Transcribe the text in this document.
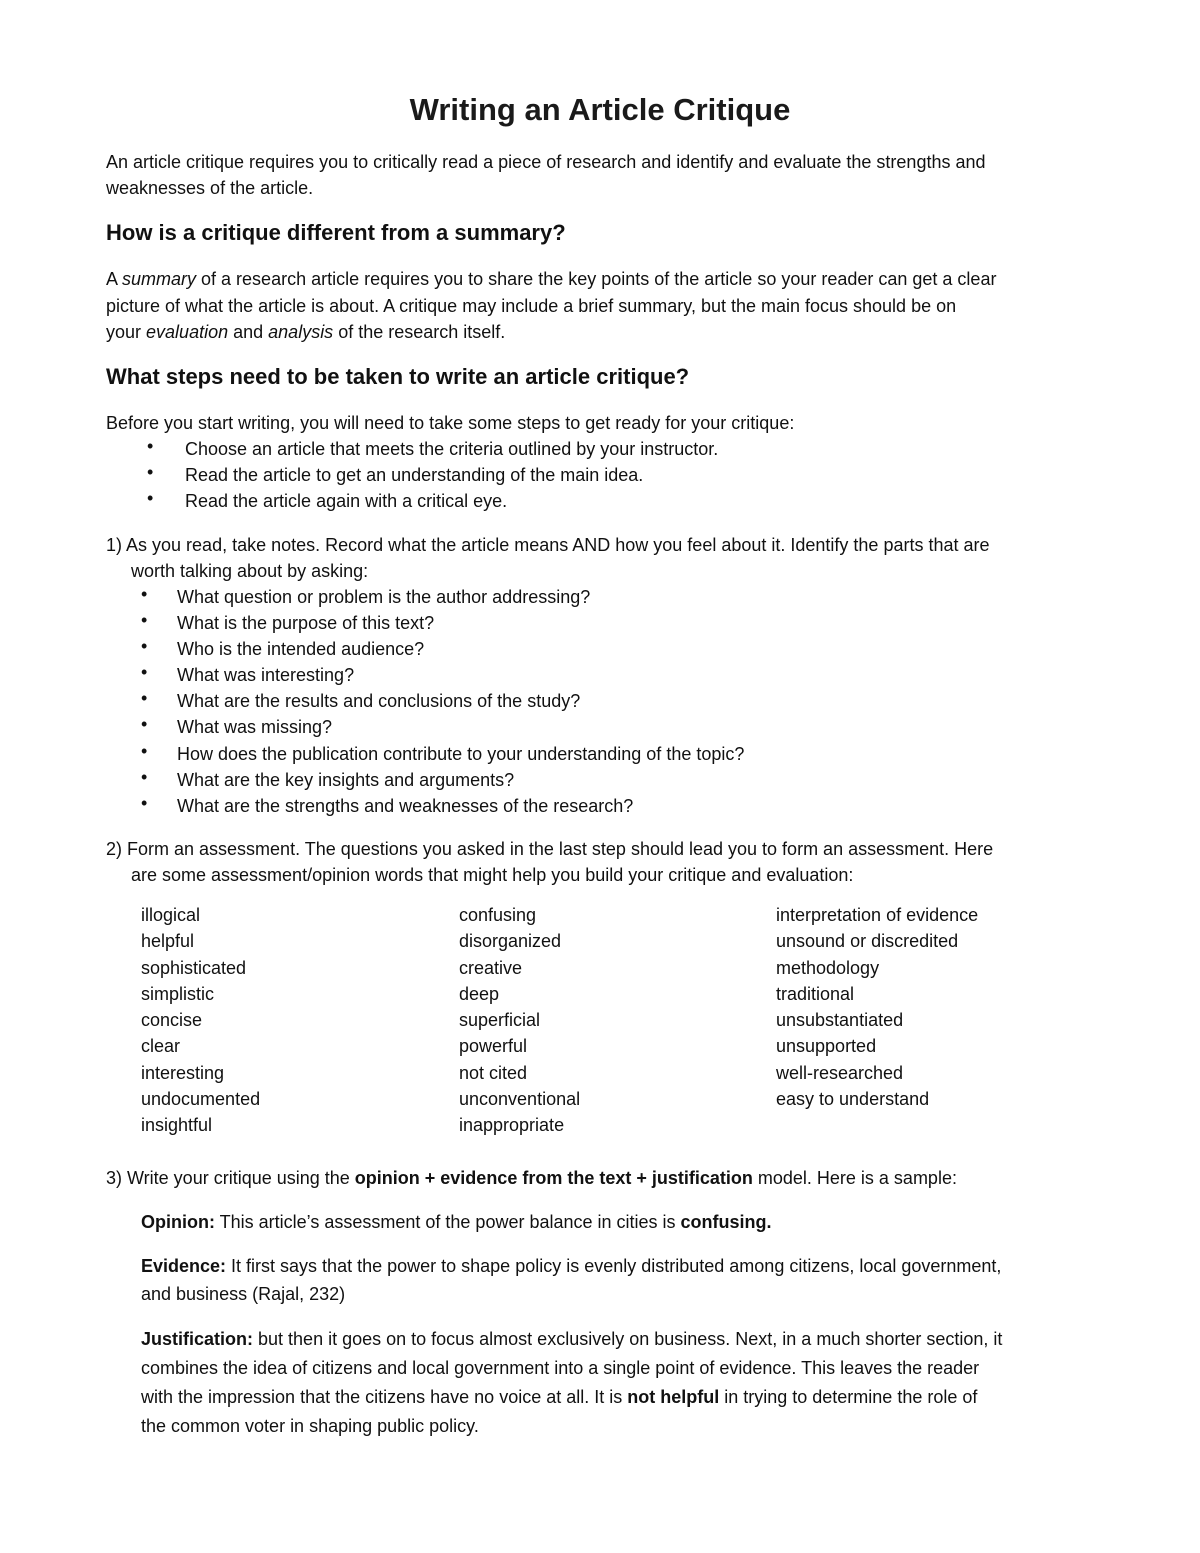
Writing an Article Critique

An article critique requires you to critically read a piece of research and identify and evaluate the strengths and

weaknesses of the article.

How is a critique different from a summary?

A summary of a research article requires you to share the key points of the article so your reader can get a clear

picture of what the article is about. A critique may include a brief summary, but the main focus should be on

your evaluation and analysis of the research itself.

What steps need to be taken to write an article critique?

Before you start writing, you will need to take some steps to get ready for your critique:

• Choose an article that meets the criteria outlined by your instructor.

• Read the article to get an understanding of the main idea.

• Read the article again with a critical eye.

1) As you read, take notes. Record what the article means AND how you feel about it. Identify the parts that are

worth talking about by asking:

• What question or problem is the author addressing?

• What is the purpose of this text?

• Who is the intended audience?

• What was interesting?

• What are the results and conclusions of the study?

• What was missing?

• How does the publication contribute to your understanding of the topic?

• What are the key insights and arguments?

• What are the strengths and weaknesses of the research?

2) Form an assessment. The questions you asked in the last step should lead you to form an assessment. Here

are some assessment/opinion words that might help you build your critique and evaluation:

illogical

helpful

sophisticated

simplistic

concise

clear

interesting

undocumented

insightful

confusing

disorganized

creative

deep

superficial

powerful

not cited

unconventional

inappropriate

interpretation of evidence

unsound or discredited

methodology

traditional

unsubstantiated

unsupported

well-researched

easy to understand

3) Write your critique using the opinion + evidence from the text + justification model. Here is a sample:

Opinion: This article’s assessment of the power balance in cities is confusing.

Evidence: It first says that the power to shape policy is evenly distributed among citizens, local government,

and business (Rajal, 232)

Justification: but then it goes on to focus almost exclusively on business. Next, in a much shorter section, it

combines the idea of citizens and local government into a single point of evidence. This leaves the reader

with the impression that the citizens have no voice at all. It is not helpful in trying to determine the role of

the common voter in shaping public policy.
